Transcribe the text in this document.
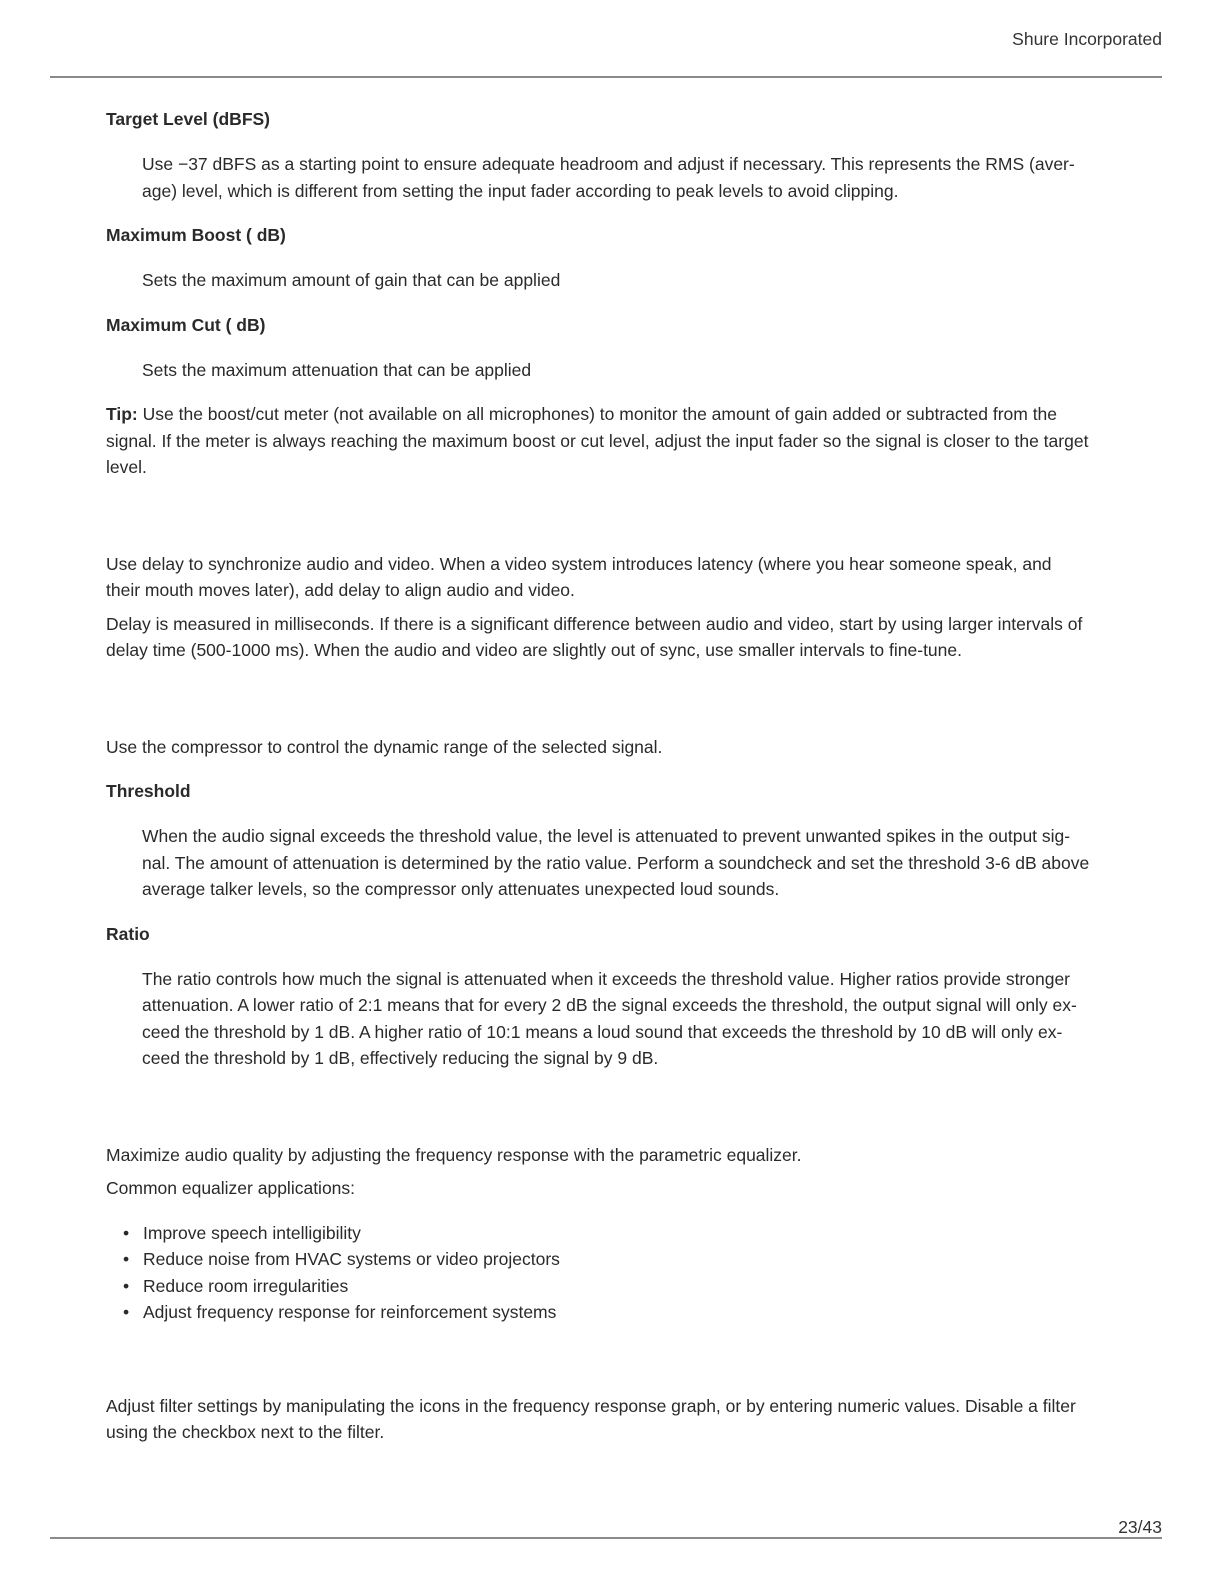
Shure Incorporated
Target Level (dBFS)
Use −37 dBFS as a starting point to ensure adequate headroom and adjust if necessary. This represents the RMS (aver-
age) level, which is different from setting the input fader according to peak levels to avoid clipping.
Maximum Boost ( dB)
Sets the maximum amount of gain that can be applied
Maximum Cut ( dB)
Sets the maximum attenuation that can be applied
Tip: Use the boost/cut meter (not available on all microphones) to monitor the amount of gain added or subtracted from the
signal. If the meter is always reaching the maximum boost or cut level, adjust the input fader so the signal is closer to the target
level.
Use delay to synchronize audio and video. When a video system introduces latency (where you hear someone speak, and
their mouth moves later), add delay to align audio and video.
Delay is measured in milliseconds. If there is a significant difference between audio and video, start by using larger intervals of
delay time (500-1000 ms). When the audio and video are slightly out of sync, use smaller intervals to fine-tune.
Use the compressor to control the dynamic range of the selected signal.
Threshold
When the audio signal exceeds the threshold value, the level is attenuated to prevent unwanted spikes in the output sig-
nal. The amount of attenuation is determined by the ratio value. Perform a soundcheck and set the threshold 3-6 dB above
average talker levels, so the compressor only attenuates unexpected loud sounds.
Ratio
The ratio controls how much the signal is attenuated when it exceeds the threshold value. Higher ratios provide stronger
attenuation. A lower ratio of 2:1 means that for every 2 dB the signal exceeds the threshold, the output signal will only ex-
ceed the threshold by 1 dB. A higher ratio of 10:1 means a loud sound that exceeds the threshold by 10 dB will only ex-
ceed the threshold by 1 dB, effectively reducing the signal by 9 dB.
Maximize audio quality by adjusting the frequency response with the parametric equalizer.
Common equalizer applications:
• Improve speech intelligibility
• Reduce noise from HVAC systems or video projectors
• Reduce room irregularities
• Adjust frequency response for reinforcement systems
Adjust filter settings by manipulating the icons in the frequency response graph, or by entering numeric values. Disable a filter
using the checkbox next to the filter.
23/43
